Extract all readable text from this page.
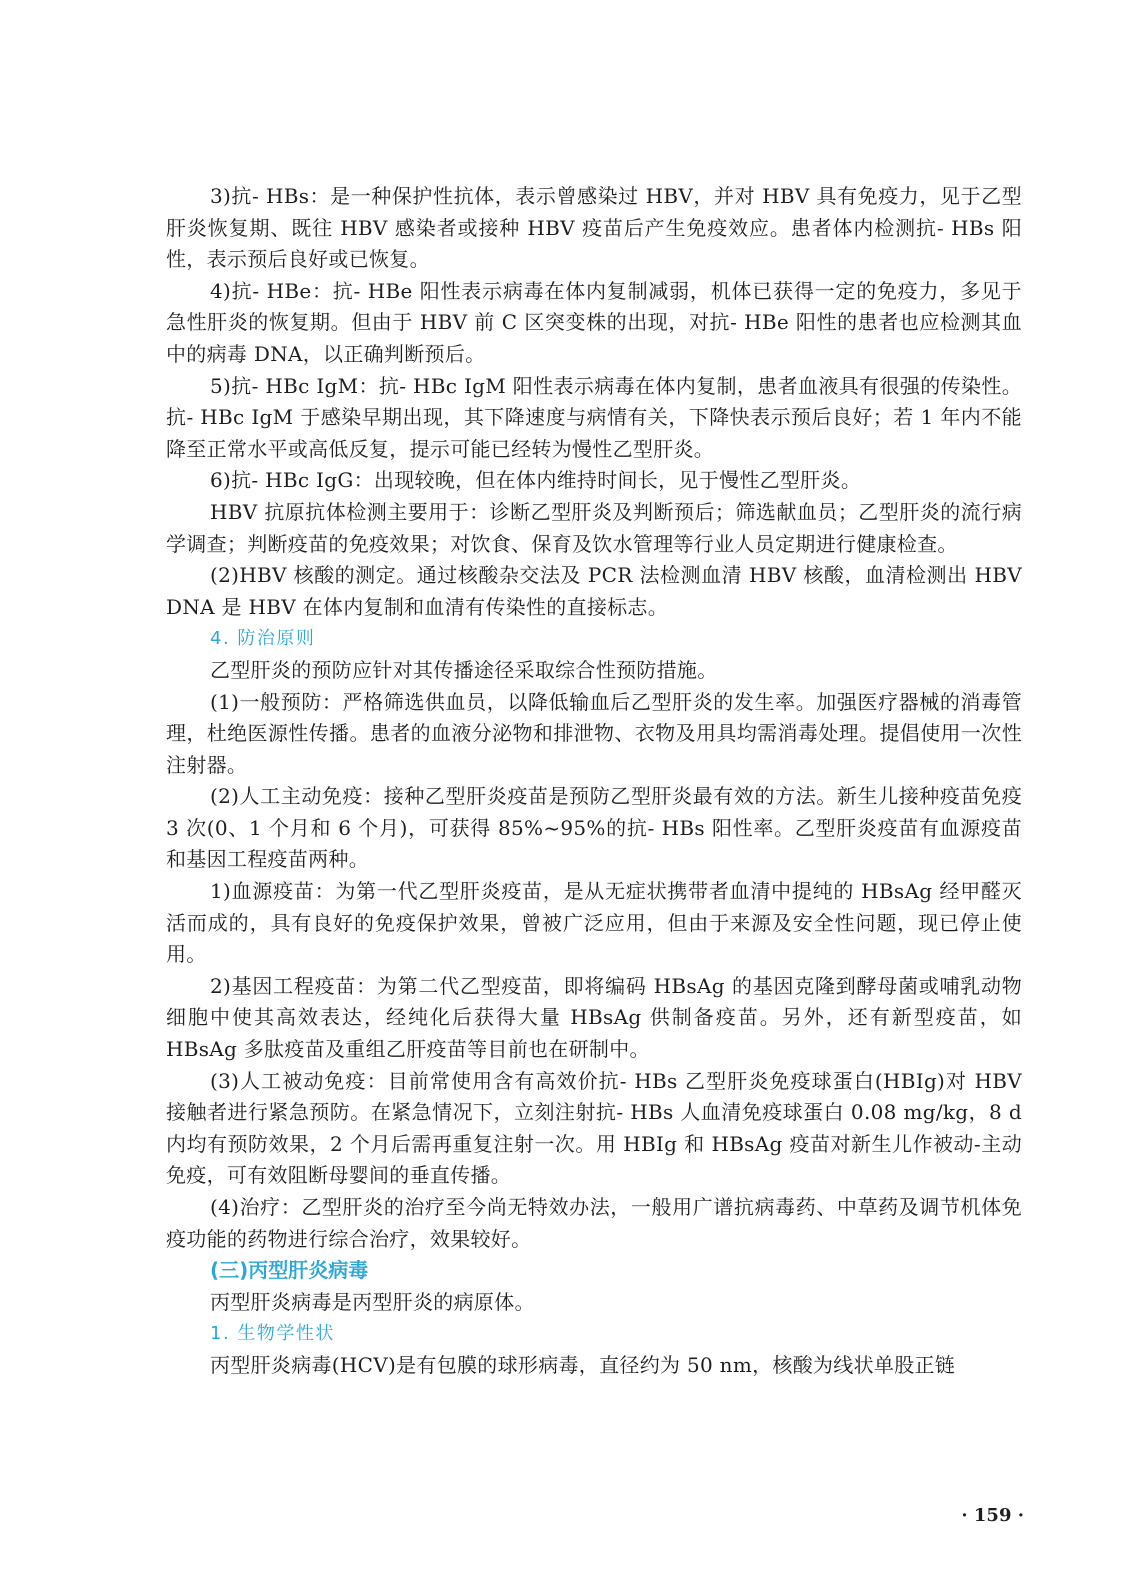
3)抗- HBs：是一种保护性抗体，表示曾感染过 HBV，并对 HBV 具有免疫力，见于乙型肝炎恢复期、既往 HBV 感染者或接种 HBV 疫苗后产生免疫效应。患者体内检测抗- HBs 阳性，表示预后良好或已恢复。

4)抗- HBe：抗- HBe 阳性表示病毒在体内复制减弱，机体已获得一定的免疫力，多见于急性肝炎的恢复期。但由于 HBV 前 C 区突变株的出现，对抗- HBe 阳性的患者也应检测其血中的病毒 DNA，以正确判断预后。

5)抗- HBc IgM：抗- HBc IgM 阳性表示病毒在体内复制，患者血液具有很强的传染性。抗- HBc IgM 于感染早期出现，其下降速度与病情有关，下降快表示预后良好；若 1 年内不能降至正常水平或高低反复，提示可能已经转为慢性乙型肝炎。

6)抗- HBc IgG：出现较晚，但在体内维持时间长，见于慢性乙型肝炎。

HBV 抗原抗体检测主要用于：诊断乙型肝炎及判断预后；筛选献血员；乙型肝炎的流行病学调查；判断疫苗的免疫效果；对饮食、保育及饮水管理等行业人员定期进行健康检查。

(2)HBV 核酸的测定。通过核酸杂交法及 PCR 法检测血清 HBV 核酸，血清检测出 HBV DNA 是 HBV 在体内复制和血清有传染性的直接标志。

4. 防治原则

乙型肝炎的预防应针对其传播途径采取综合性预防措施。

(1)一般预防：严格筛选供血员，以降低输血后乙型肝炎的发生率。加强医疗器械的消毒管理，杜绝医源性传播。患者的血液分泌物和排泄物、衣物及用具均需消毒处理。提倡使用一次性注射器。

(2)人工主动免疫：接种乙型肝炎疫苗是预防乙型肝炎最有效的方法。新生儿接种疫苗免疫 3 次(0、1 个月和 6 个月)，可获得 85%~95%的抗- HBs 阳性率。乙型肝炎疫苗有血源疫苗和基因工程疫苗两种。

1)血源疫苗：为第一代乙型肝炎疫苗，是从无症状携带者血清中提纯的 HBsAg 经甲醛灭活而成的，具有良好的免疫保护效果，曾被广泛应用，但由于来源及安全性问题，现已停止使用。

2)基因工程疫苗：为第二代乙型疫苗，即将编码 HBsAg 的基因克隆到酵母菌或哺乳动物细胞中使其高效表达，经纯化后获得大量 HBsAg 供制备疫苗。另外，还有新型疫苗，如 HBsAg 多肽疫苗及重组乙肝疫苗等目前也在研制中。

(3)人工被动免疫：目前常使用含有高效价抗- HBs 乙型肝炎免疫球蛋白(HBIg)对 HBV 接触者进行紧急预防。在紧急情况下，立刻注射抗- HBs 人血清免疫球蛋白 0.08 mg/kg，8 d 内均有预防效果，2 个月后需再重复注射一次。用 HBIg 和 HBsAg 疫苗对新生儿作被动-主动免疫，可有效阻断母婴间的垂直传播。

(4)治疗：乙型肝炎的治疗至今尚无特效办法，一般用广谱抗病毒药、中草药及调节机体免疫功能的药物进行综合治疗，效果较好。

(三)丙型肝炎病毒

丙型肝炎病毒是丙型肝炎的病原体。

1. 生物学性状

丙型肝炎病毒(HCV)是有包膜的球形病毒，直径约为 50 nm，核酸为线状单股正链

· 159 ·
